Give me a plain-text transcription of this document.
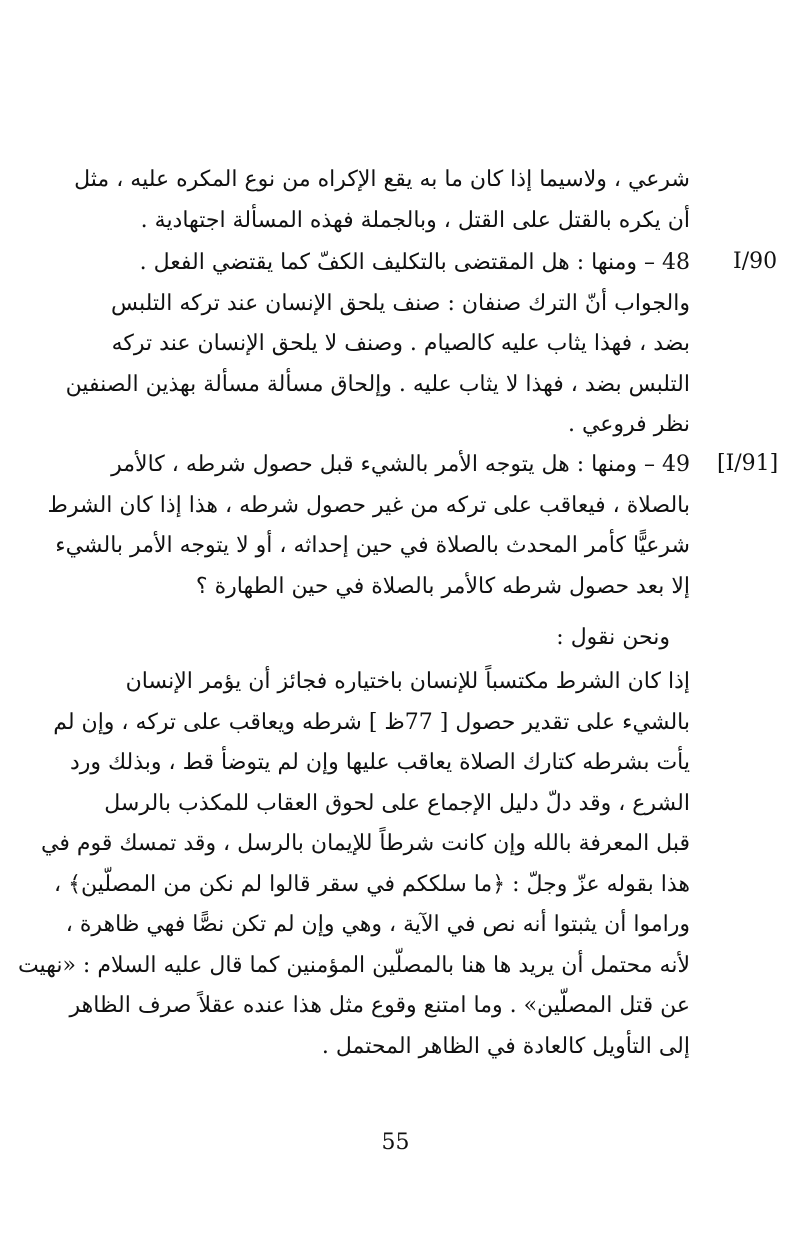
شرعي ، ولاسيما إذا كان ما به يقع الإكراه من نوع المكره عليه ، مثل
أن يكره بالقتل على القتل ، وبالجملة فهذه المسألة اجتهادية .
I/90
48 – ومنها : هل المقتضى بالتكليف الكفّ كما يقتضي الفعل .
والجواب أنّ الترك صنفان : صنف يلحق الإنسان عند تركه التلبس
بضد ، فهذا يثاب عليه كالصيام . وصنف لا يلحق الإنسان عند تركه
التلبس بضد ، فهذا لا يثاب عليه . وإلحاق مسألة مسألة بهذين الصنفين
نظر فروعي .
[I/91]
49 – ومنها : هل يتوجه الأمر بالشيء قبل حصول شرطه ، كالأمر
بالصلاة ، فيعاقب على تركه من غير حصول شرطه ، هذا إذا كان الشرط
شرعيًّا كأمر المحدث بالصلاة في حين إحداثه ، أو لا يتوجه الأمر بالشيء
إلا بعد حصول شرطه كالأمر بالصلاة في حين الطهارة ؟
ونحن نقول :
إذا كان الشرط مكتسباً للإنسان باختياره فجائز أن يؤمر الإنسان
بالشيء على تقدير حصول [ 77ظ ] شرطه ويعاقب على تركه ، وإن لم
يأت بشرطه كتارك الصلاة يعاقب عليها وإن لم يتوضأ قط ، وبذلك ورد
الشرع ، وقد دلّ دليل الإجماع على لحوق العقاب للمكذب بالرسل
قبل المعرفة بالله وإن كانت شرطاً للإيمان بالرسل ، وقد تمسك قوم في
هذا بقوله عزّ وجلّ : ﴿ما سلككم في سقر قالوا لم نكن من المصلّين﴾ ،
وراموا أن يثبتوا أنه نص في الآية ، وهي وإن لم تكن نصًّا فهي ظاهرة ،
لأنه محتمل أن يريد ها هنا بالمصلّين المؤمنين كما قال عليه السلام : «نهيت
عن قتل المصلّين» . وما امتنع وقوع مثل هذا عنده عقلاً صرف الظاهر
إلى التأويل كالعادة في الظاهر المحتمل .
55
